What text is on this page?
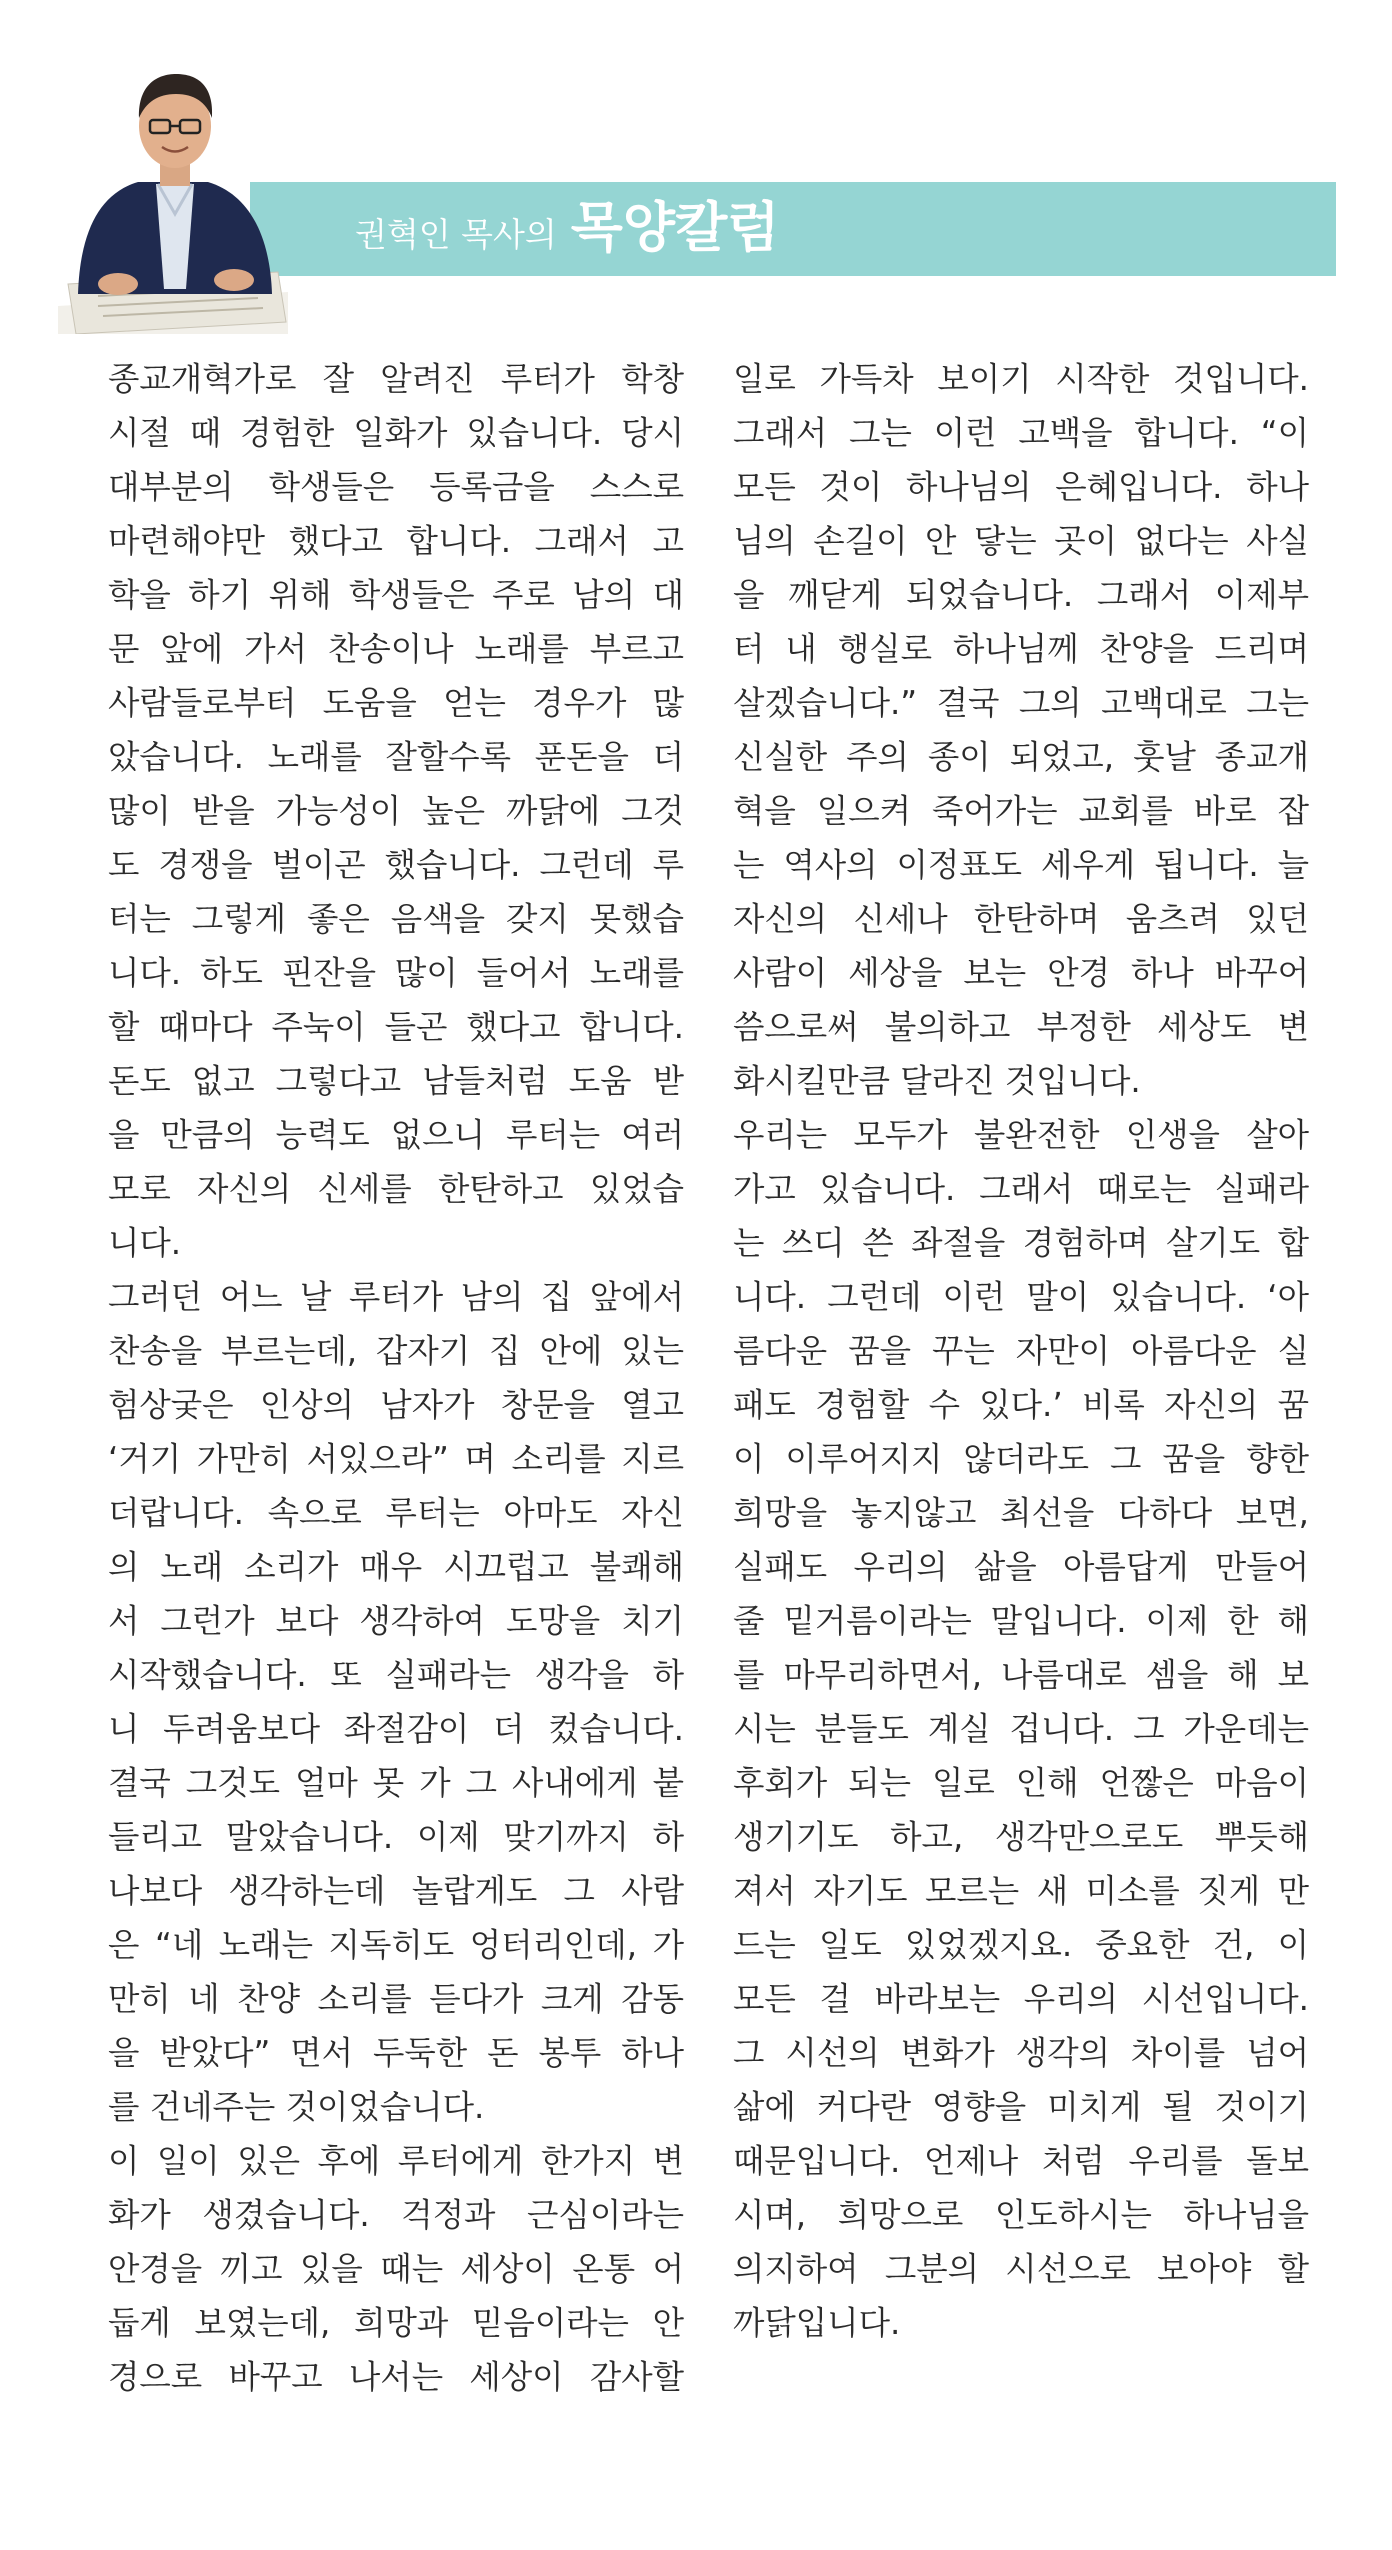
권혁인 목사의 목양칼럼
종교개혁가로 잘 알려진 루터가 학창
시절 때 경험한 일화가 있습니다. 당시
대부분의 학생들은 등록금을 스스로
마련해야만 했다고 합니다. 그래서 고
학을 하기 위해 학생들은 주로 남의 대
문 앞에 가서 찬송이나 노래를 부르고
사람들로부터 도움을 얻는 경우가 많
았습니다. 노래를 잘할수록 푼돈을 더
많이 받을 가능성이 높은 까닭에 그것
도 경쟁을 벌이곤 했습니다. 그런데 루
터는 그렇게 좋은 음색을 갖지 못했습
니다. 하도 핀잔을 많이 들어서 노래를
할 때마다 주눅이 들곤 했다고 합니다.
돈도 없고 그렇다고 남들처럼 도움 받
을 만큼의 능력도 없으니 루터는 여러
모로 자신의 신세를 한탄하고 있었습
니다.
그러던 어느 날 루터가 남의 집 앞에서
찬송을 부르는데, 갑자기 집 안에 있는
험상궂은 인상의 남자가 창문을 열고
‘거기 가만히 서있으라” 며 소리를 지르
더랍니다. 속으로 루터는 아마도 자신
의 노래 소리가 매우 시끄럽고 불쾌해
서 그런가 보다 생각하여 도망을 치기
시작했습니다. 또 실패라는 생각을 하
니 두려움보다 좌절감이 더 컸습니다.
결국 그것도 얼마 못 가 그 사내에게 붙
들리고 말았습니다. 이제 맞기까지 하
나보다 생각하는데 놀랍게도 그 사람
은 “네 노래는 지독히도 엉터리인데, 가
만히 네 찬양 소리를 듣다가 크게 감동
을 받았다” 면서 두둑한 돈 봉투 하나
를 건네주는 것이었습니다.
이 일이 있은 후에 루터에게 한가지 변
화가 생겼습니다. 걱정과 근심이라는
안경을 끼고 있을 때는 세상이 온통 어
둡게 보였는데, 희망과 믿음이라는 안
경으로 바꾸고 나서는 세상이 감사할
일로 가득차 보이기 시작한 것입니다.
그래서 그는 이런 고백을 합니다. “이
모든 것이 하나님의 은혜입니다. 하나
님의 손길이 안 닿는 곳이 없다는 사실
을 깨닫게 되었습니다. 그래서 이제부
터 내 행실로 하나님께 찬양을 드리며
살겠습니다.” 결국 그의 고백대로 그는
신실한 주의 종이 되었고, 훗날 종교개
혁을 일으켜 죽어가는 교회를 바로 잡
는 역사의 이정표도 세우게 됩니다. 늘
자신의 신세나 한탄하며 움츠려 있던
사람이 세상을 보는 안경 하나 바꾸어
씀으로써 불의하고 부정한 세상도 변
화시킬만큼 달라진 것입니다.
우리는 모두가 불완전한 인생을 살아
가고 있습니다. 그래서 때로는 실패라
는 쓰디 쓴 좌절을 경험하며 살기도 합
니다. 그런데 이런 말이 있습니다. ‘아
름다운 꿈을 꾸는 자만이 아름다운 실
패도 경험할 수 있다.’ 비록 자신의 꿈
이 이루어지지 않더라도 그 꿈을 향한
희망을 놓지않고 최선을 다하다 보면,
실패도 우리의 삶을 아름답게 만들어
줄 밑거름이라는 말입니다. 이제 한 해
를 마무리하면서, 나름대로 셈을 해 보
시는 분들도 계실 겁니다. 그 가운데는
후회가 되는 일로 인해 언짢은 마음이
생기기도 하고, 생각만으로도 뿌듯해
져서 자기도 모르는 새 미소를 짓게 만
드는 일도 있었겠지요. 중요한 건, 이
모든 걸 바라보는 우리의 시선입니다.
그 시선의 변화가 생각의 차이를 넘어
삶에 커다란 영향을 미치게 될 것이기
때문입니다. 언제나 처럼 우리를 돌보
시며, 희망으로 인도하시는 하나님을
의지하여 그분의 시선으로 보아야 할
까닭입니다.
